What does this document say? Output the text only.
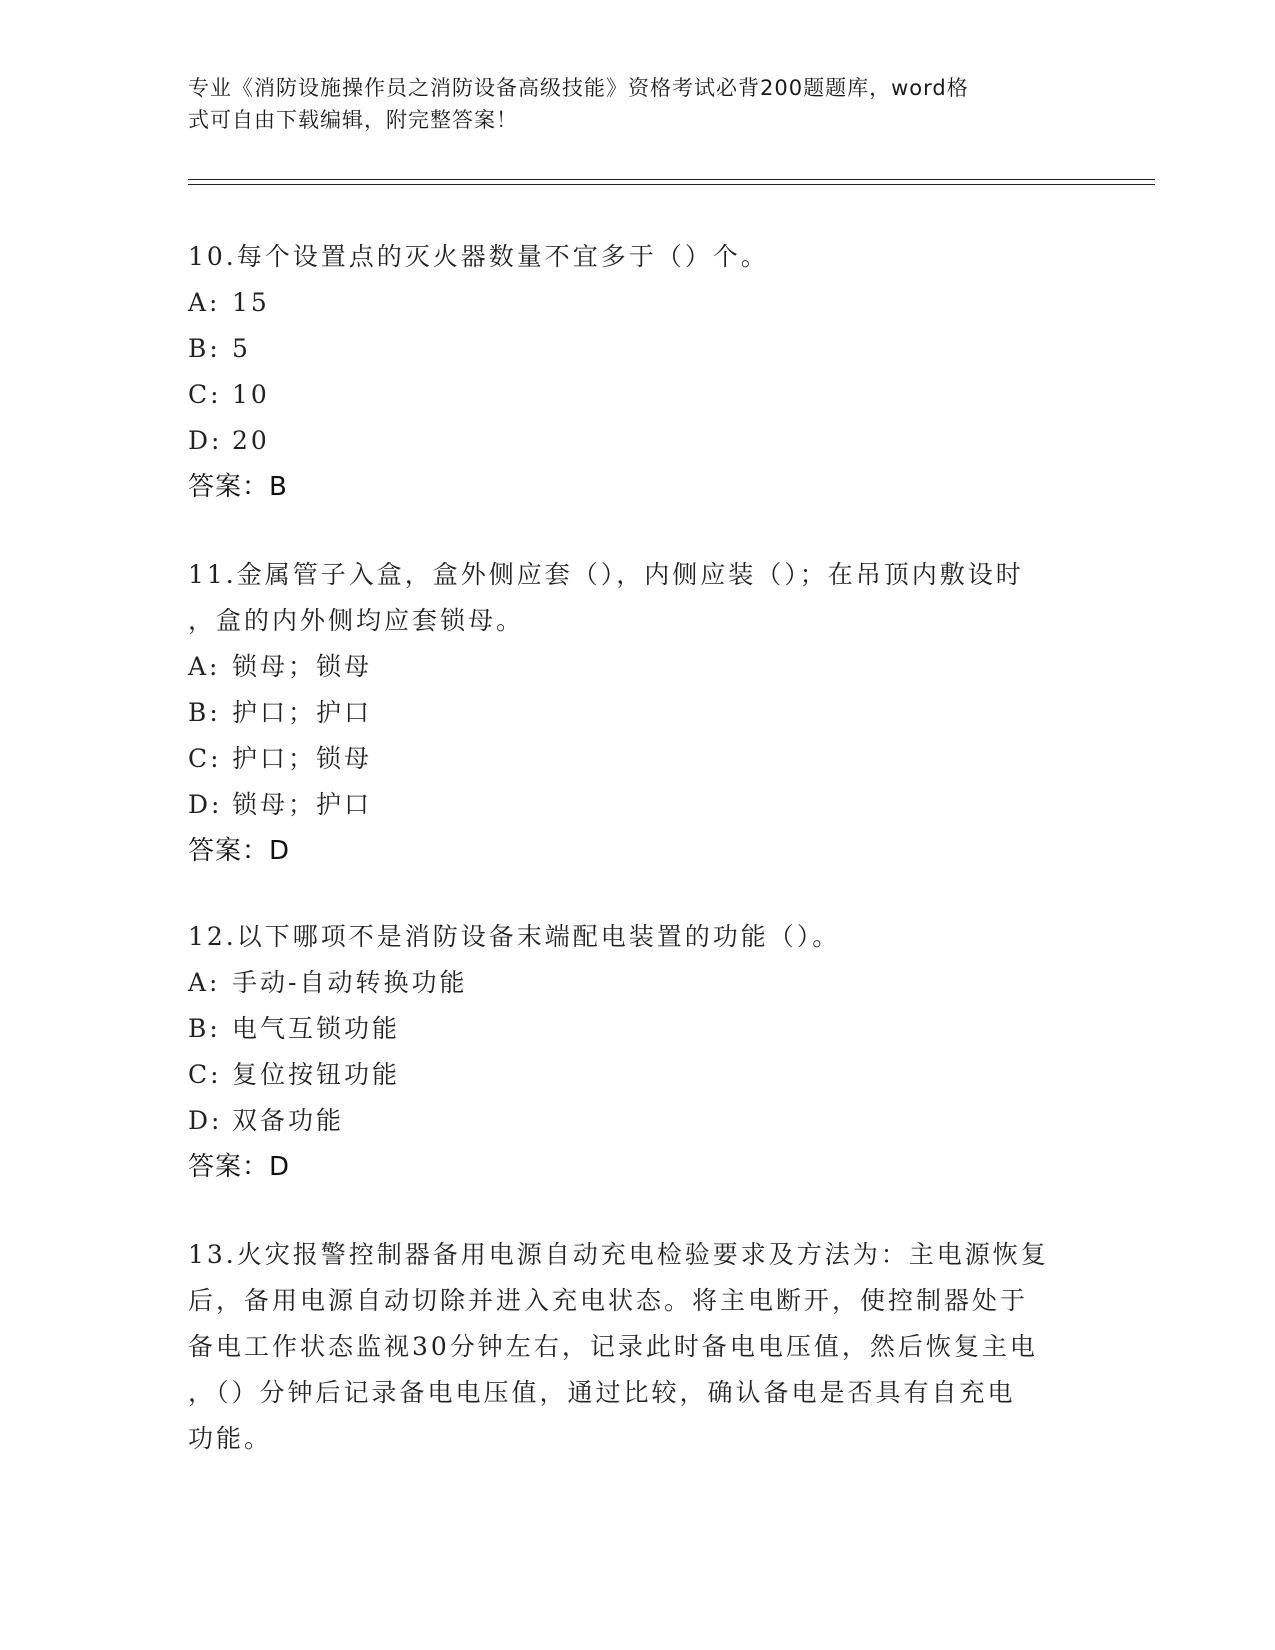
专业《消防设施操作员之消防设备高级技能》资格考试必背200题题库，word格
式可自由下载编辑，附完整答案！
10.每个设置点的灭火器数量不宜多于（）个。
A: 15
B: 5
C: 10
D: 20
答案：B
11.金属管子入盒，盒外侧应套（），内侧应装（）；在吊顶内敷设时
，盒的内外侧均应套锁母。
A: 锁母；锁母
B: 护口；护口
C: 护口；锁母
D: 锁母；护口
答案：D
12.以下哪项不是消防设备末端配电装置的功能（）。
A: 手动-自动转换功能
B: 电气互锁功能
C: 复位按钮功能
D: 双备功能
答案：D
13.火灾报警控制器备用电源自动充电检验要求及方法为：主电源恢复
后，备用电源自动切除并进入充电状态。将主电断开，使控制器处于
备电工作状态监视30分钟左右，记录此时备电电压值，然后恢复主电
，（）分钟后记录备电电压值，通过比较，确认备电是否具有自充电
功能。
